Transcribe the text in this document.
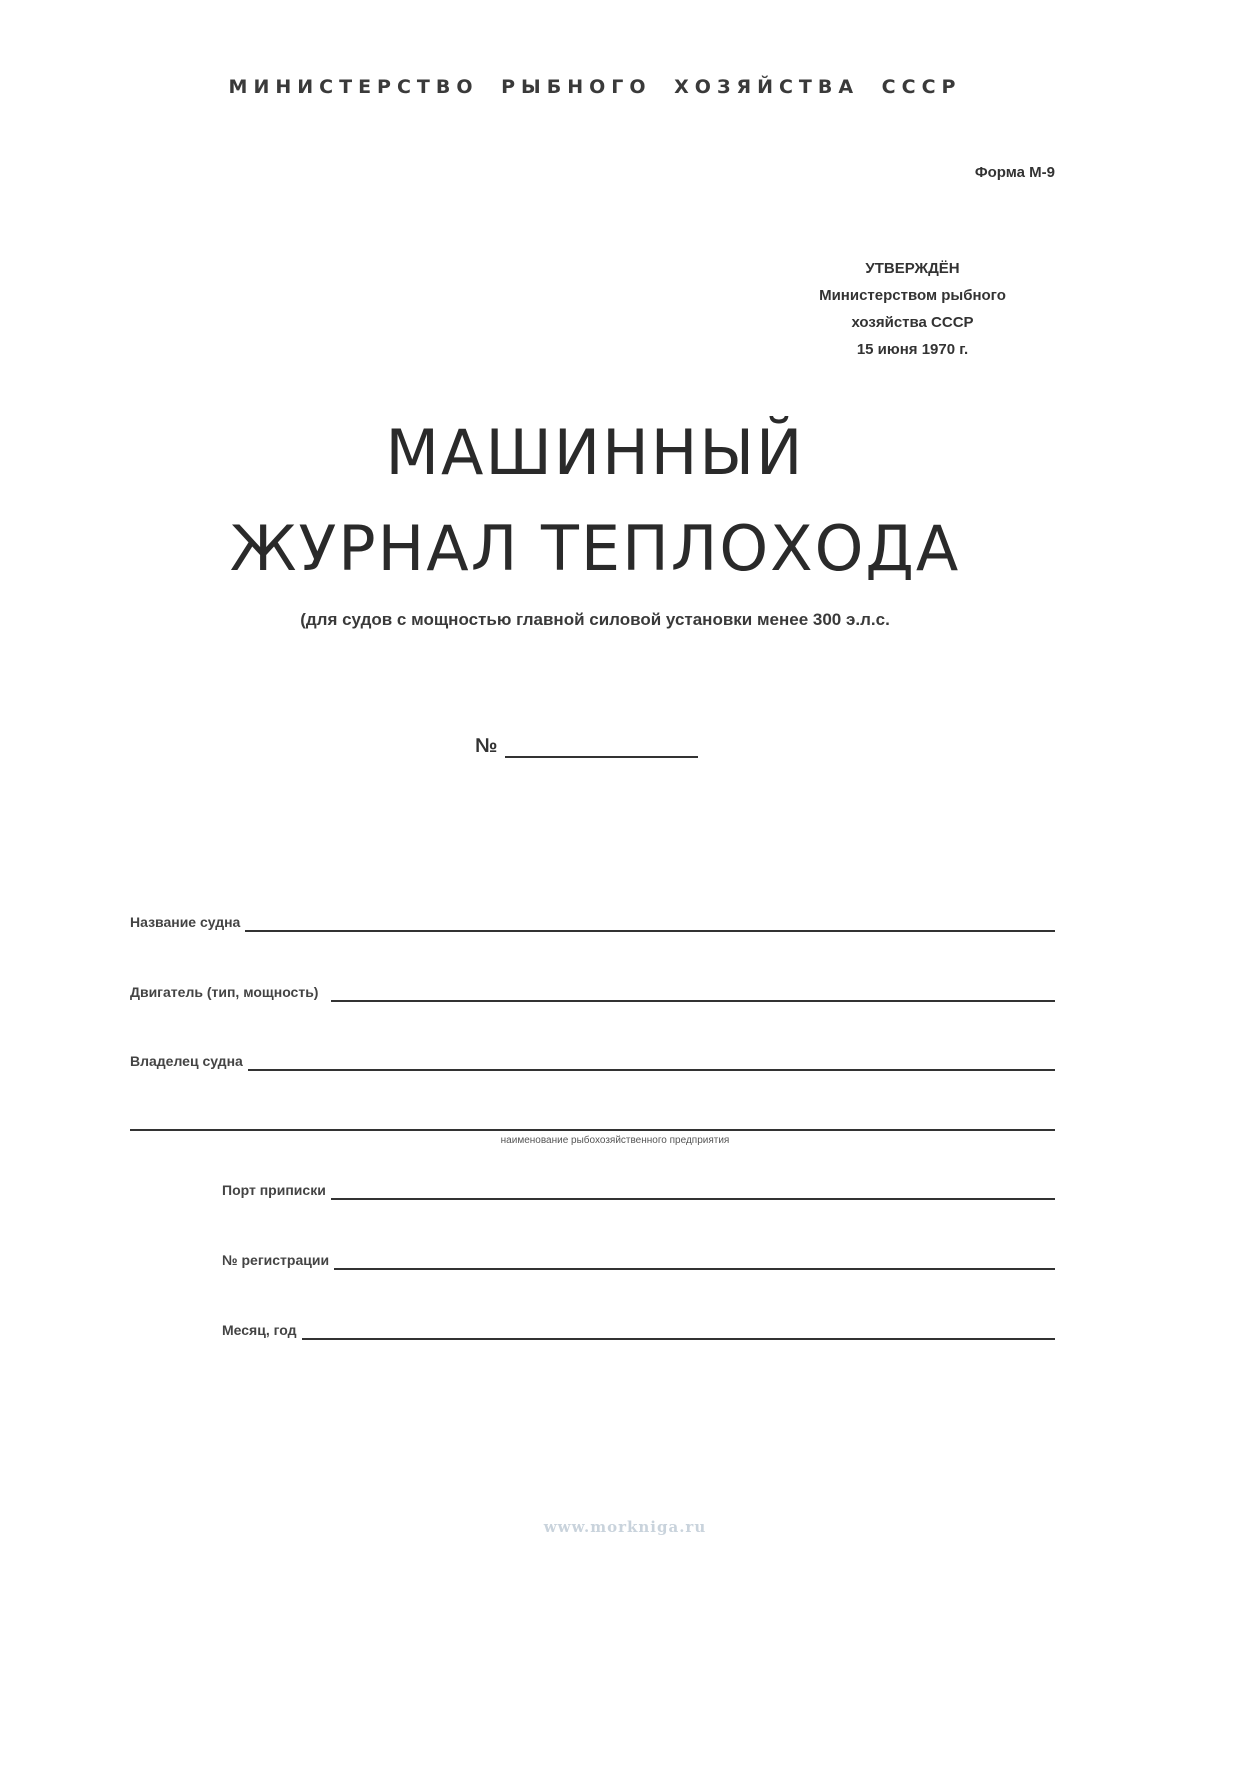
МИНИСТЕРСТВО РЫБНОГО ХОЗЯЙСТВА СССР
Форма М-9
УТВЕРЖДЁН
Министерством рыбного
хозяйства СССР
15 июня 1970 г.
МАШИННЫЙ
ЖУРНАЛ ТЕПЛОХОДА
(для судов с мощностью главной силовой установки менее 300 э.л.с.
№
Название судна
Двигатель (тип, мощность)
Владелец судна
наименование рыбохозяйственного предприятия
Порт приписки
№ регистрации
Месяц, год
www.morkniga.ru
